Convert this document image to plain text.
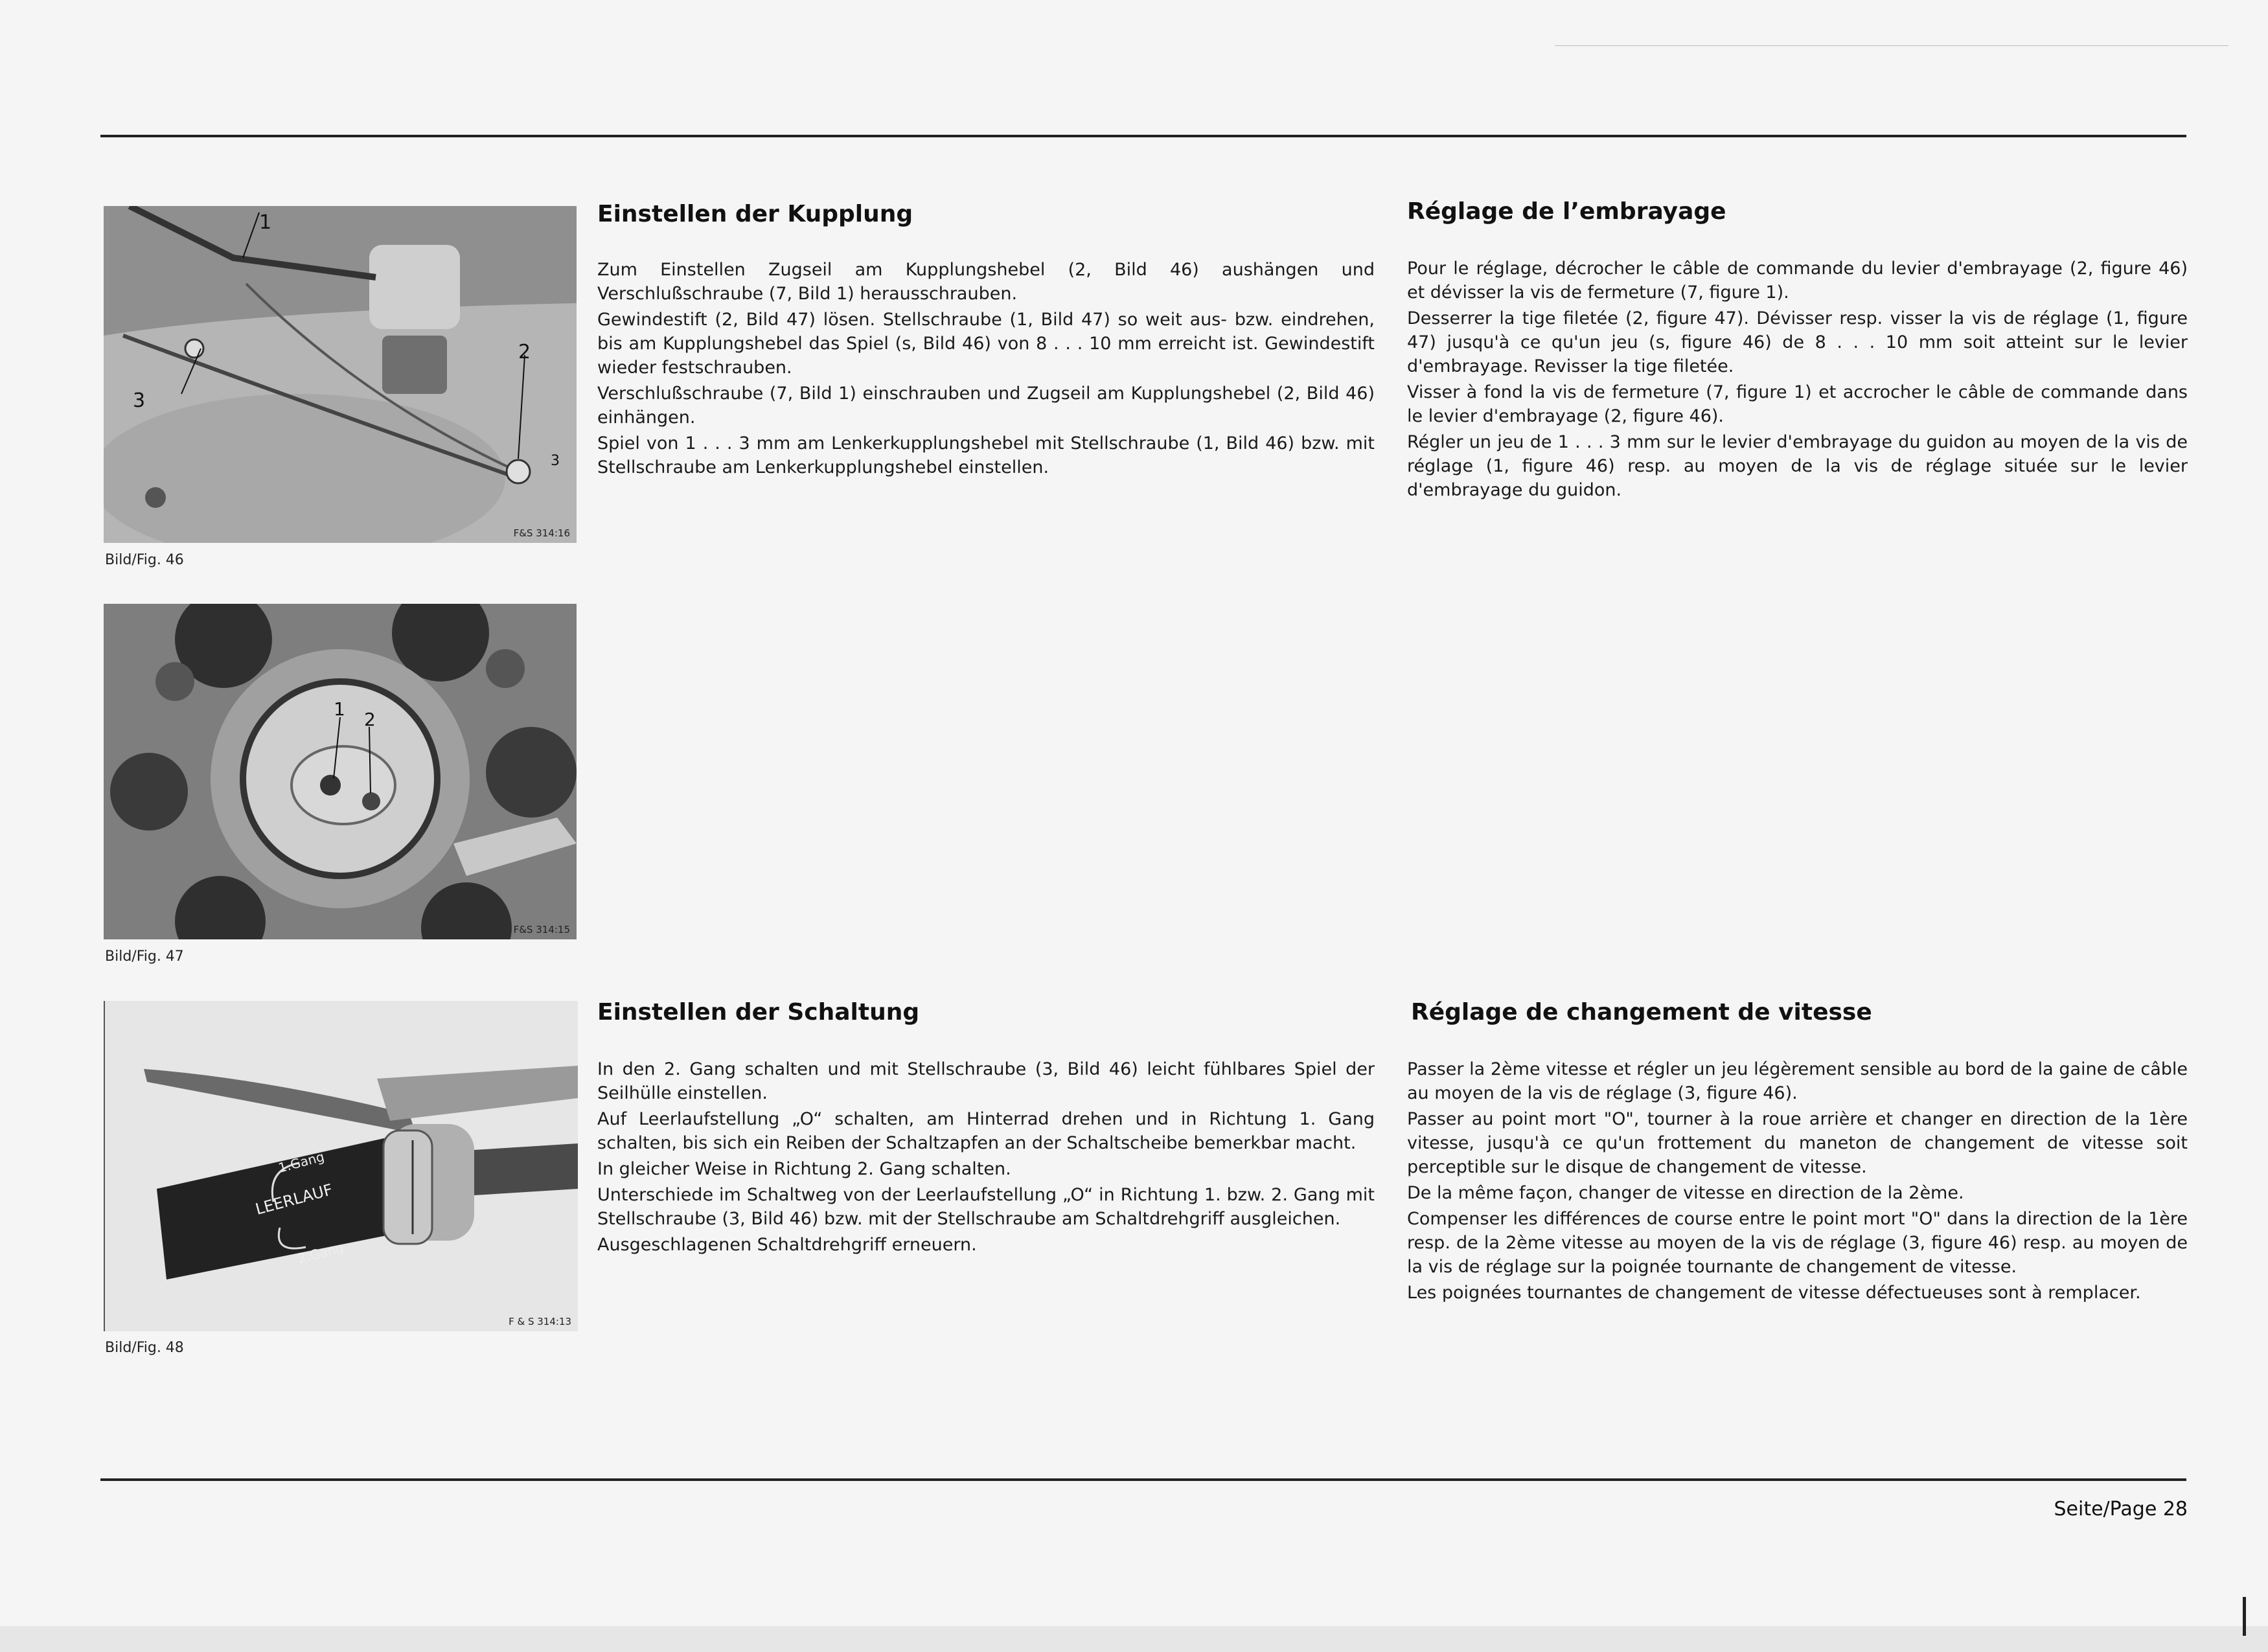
1
2
3
3
F&S 314:16
Bild/Fig. 46
1 2
F&S 314:15
Bild/Fig. 47
1.Gang
LEERLAUF
2.Gang
F & S 314:13
Bild/Fig. 48
Einstellen der Kupplung

Zum Einstellen Zugseil am Kupplungshebel (2, Bild 46) aushängen und Verschlußschraube (7, Bild 1) herausschrauben.

Gewindestift (2, Bild 47) lösen. Stellschraube (1, Bild 47) so weit aus- bzw. eindrehen, bis am Kupplungshebel das Spiel (s, Bild 46) von 8 . . . 10 mm erreicht ist. Gewindestift wieder festschrauben.

Verschlußschraube (7, Bild 1) einschrauben und Zugseil am Kupplungshebel (2, Bild 46) einhängen.

Spiel von 1 . . . 3 mm am Lenkerkupplungshebel mit Stellschraube (1, Bild 46) bzw. mit Stellschraube am Lenkerkupplungshebel einstellen.

Réglage de l’embrayage

Pour le réglage, décrocher le câble de commande du levier d'embrayage (2, figure 46) et dévisser la vis de fermeture (7, figure 1).

Desserrer la tige filetée (2, figure 47). Dévisser resp. visser la vis de réglage (1, figure 47) jusqu'à ce qu'un jeu (s, figure 46) de 8 . . . 10 mm soit atteint sur le levier d'embrayage. Revisser la tige filetée.

Visser à fond la vis de fermeture (7, figure 1) et accrocher le câble de commande dans le levier d'embrayage (2, figure 46).

Régler un jeu de 1 . . . 3 mm sur le levier d'embrayage du guidon au moyen de la vis de réglage (1, figure 46) resp. au moyen de la vis de réglage située sur le levier d'embrayage du guidon.

Einstellen der Schaltung

In den 2. Gang schalten und mit Stellschraube (3, Bild 46) leicht fühlbares Spiel der Seilhülle einstellen.

Auf Leerlaufstellung „O“ schalten, am Hinterrad drehen und in Richtung 1. Gang schalten, bis sich ein Reiben der Schaltzapfen an der Schaltscheibe bemerkbar macht.

In gleicher Weise in Richtung 2. Gang schalten.

Unterschiede im Schaltweg von der Leerlaufstellung „O“ in Richtung 1. bzw. 2. Gang mit Stellschraube (3, Bild 46) bzw. mit der Stellschraube am Schaltdrehgriff ausgleichen.

Ausgeschlagenen Schaltdrehgriff erneuern.

Réglage de changement de vitesse

Passer la 2ème vitesse et régler un jeu légèrement sensible au bord de la gaine de câble au moyen de la vis de réglage (3, figure 46).

Passer au point mort "O", tourner à la roue arrière et changer en direction de la 1ère vitesse, jusqu'à ce qu'un frottement du maneton de changement de vitesse soit perceptible sur le disque de changement de vitesse.

De la même façon, changer de vitesse en direction de la 2ème.

Compenser les différences de course entre le point mort "O" dans la direction de la 1ère resp. de la 2ème vitesse au moyen de la vis de réglage (3, figure 46) resp. au moyen de la vis de réglage sur la poignée tournante de changement de vitesse.

Les poignées tournantes de changement de vitesse défectueuses sont à remplacer.

Seite/Page 28
